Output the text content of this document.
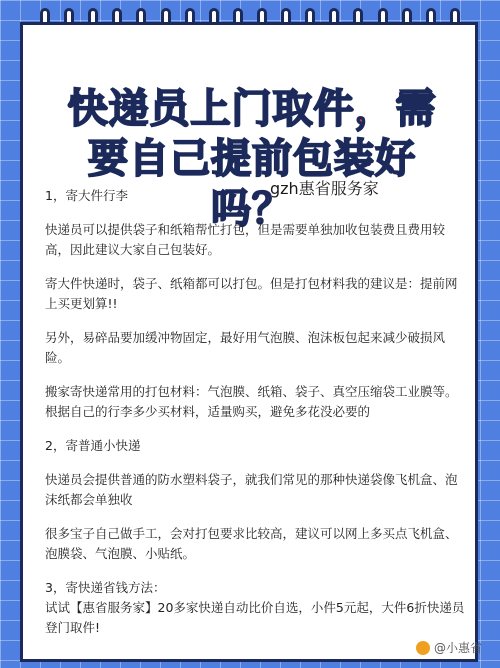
快递员上门取件，需
要自己提前包装好吗？
gzh惠省服务家

1，寄大件行李

快递员可以提供袋子和纸箱帮忙打包，但是需要单独加收包装费且费用较高，因此建议大家自己包装好。

寄大件快递时，袋子、纸箱都可以打包。但是打包材料我的建议是：提前网上买更划算!!

另外，易碎品要加缓冲物固定，最好用气泡膜、泡沫板包起来减少破损风险。

搬家寄快递常用的打包材料：气泡膜、纸箱、袋子、真空压缩袋工业膜等。根据自己的行李多少买材料，适量购买，避免多花没必要的

2，寄普通小快递

快递员会提供普通的防水塑料袋子，就我们常见的那种快递袋像飞机盒、泡沫纸都会单独收

很多宝子自己做手工，会对打包要求比较高，建议可以网上多买点飞机盒、泡膜袋、气泡膜、小贴纸。

3，寄快递省钱方法：
试试【惠省服务家】20多家快递自动比价自选，小件5元起，大件6折快递员登门取件!

@小惠省
